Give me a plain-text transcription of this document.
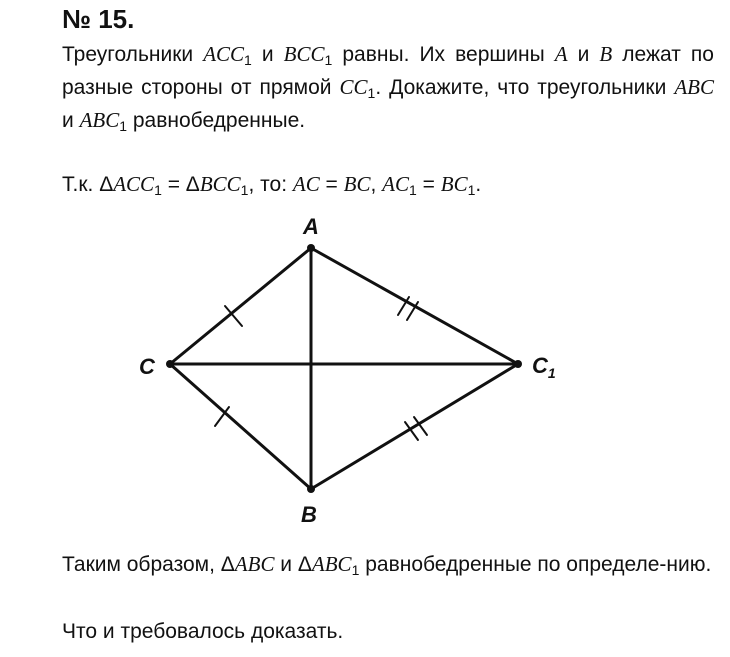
№ 15.

Треугольники $ACC_1$ и $BCC_1$ равны. Их вершины A и B лежат по разные стороны от прямой $CC_1$. Докажите, что треугольники ABC и $ABC_1$ равнобедренные.

Т.к. $\Delta ACC_1 = \Delta BCC_1$, то: AC = BC, $AC_1 = BC_1$.

A
B
C	$C_1$

Таким образом, ΔABC и $\Delta ABC_1$ равнобедренные по определе-нию.

Что и требовалось доказать.
